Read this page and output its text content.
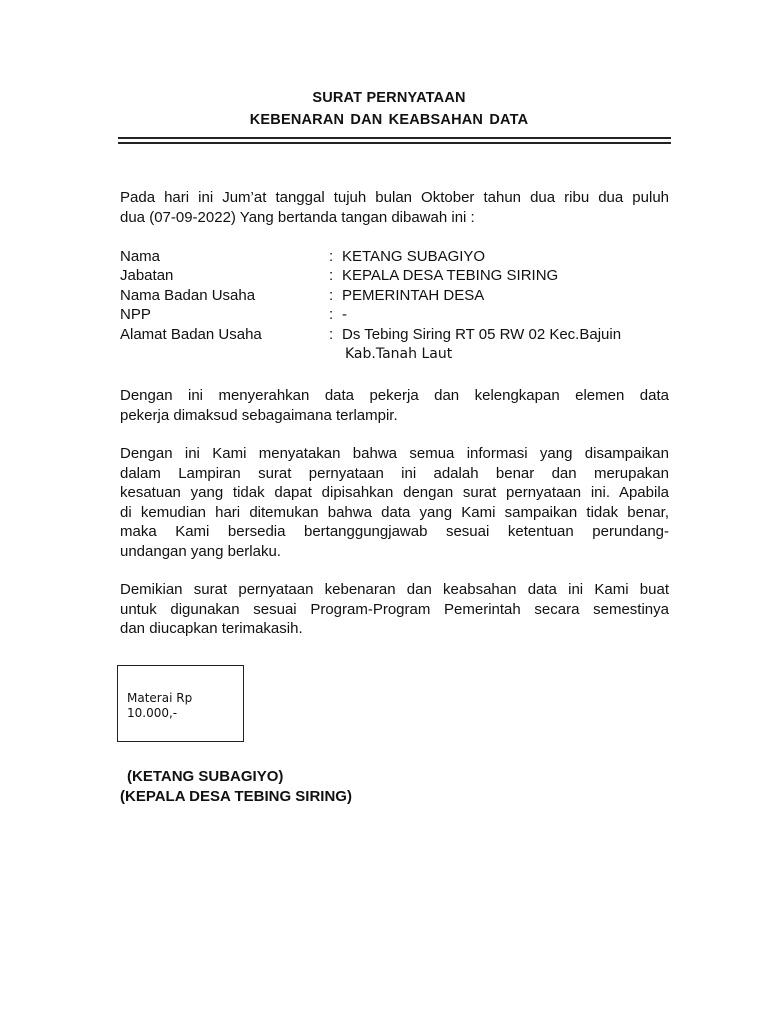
SURAT PERNYATAAN
KEBENARAN DAN KEABSAHAN DATA
Pada hari ini Jum’at tanggal tujuh bulan Oktober tahun dua ribu dua puluh
dua (07-09-2022) Yang bertanda tangan dibawah ini :
Nama	: KETANG SUBAGIYO
Jabatan	: KEPALA DESA TEBING SIRING
Nama Badan Usaha	: PEMERINTAH DESA
NPP	: -
Alamat Badan Usaha	: Ds Tebing Siring RT 05 RW 02 Kec.Bajuin
Kab.Tanah Laut
Dengan ini menyerahkan data pekerja dan kelengkapan elemen data
pekerja dimaksud sebagaimana terlampir.
Dengan ini Kami menyatakan bahwa semua informasi yang disampaikan
dalam Lampiran surat pernyataan ini adalah benar dan merupakan
kesatuan yang tidak dapat dipisahkan dengan surat pernyataan ini. Apabila
di kemudian hari ditemukan bahwa data yang Kami sampaikan tidak benar,
maka Kami bersedia bertanggungjawab sesuai ketentuan perundang-
undangan yang berlaku.
Demikian surat pernyataan kebenaran dan keabsahan data ini Kami buat
untuk digunakan sesuai Program-Program Pemerintah secara semestinya
dan diucapkan terimakasih.
Materai Rp
10.000,-
(KETANG SUBAGIYO)
(KEPALA DESA TEBING SIRING)
